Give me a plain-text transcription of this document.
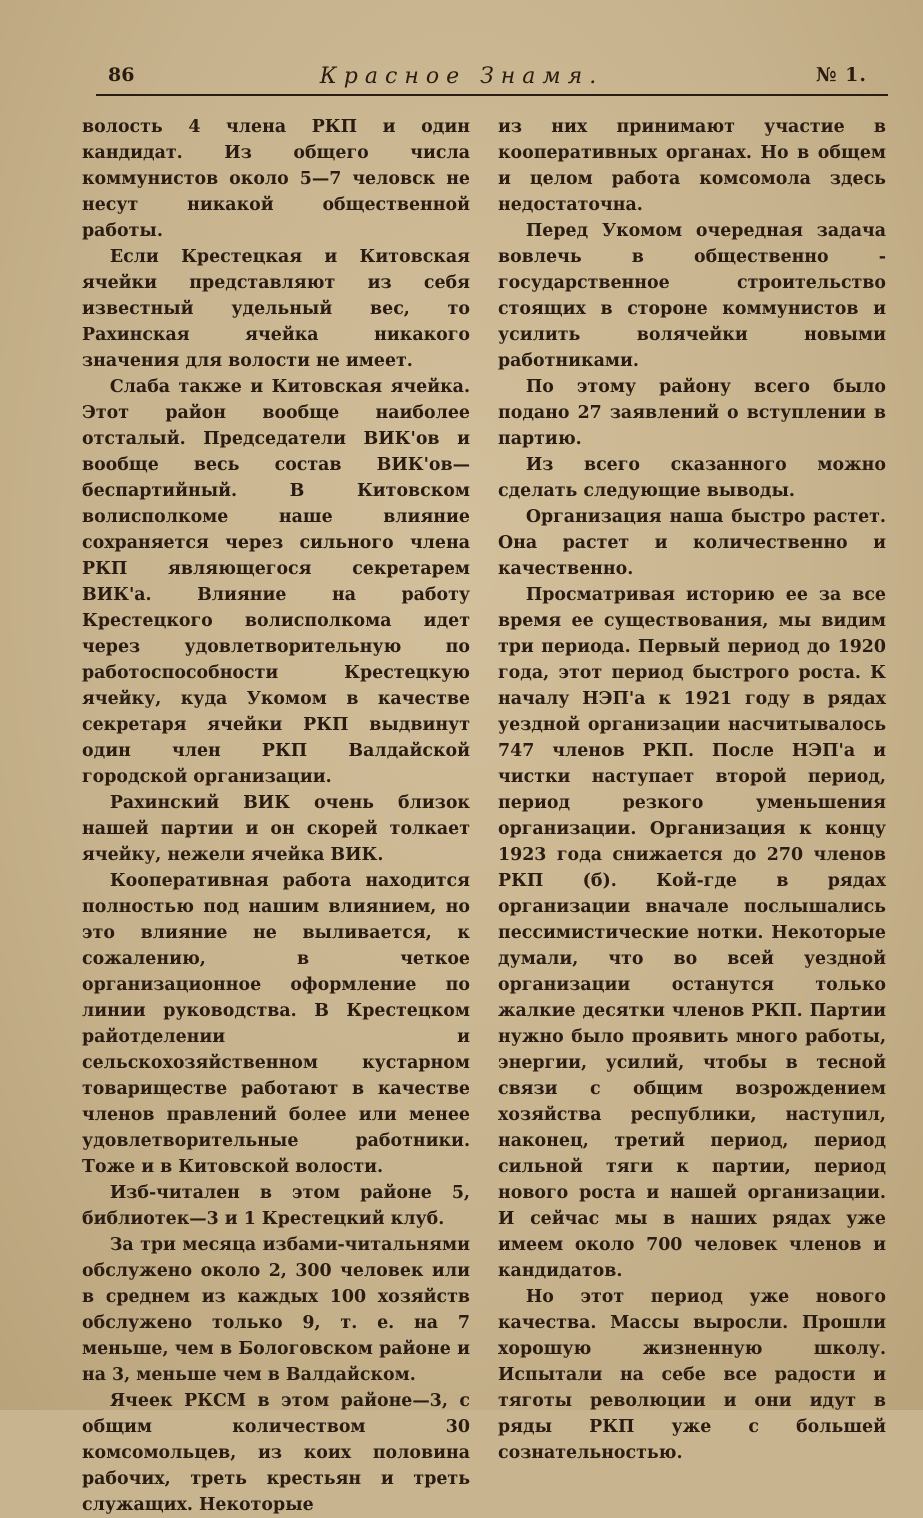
86	Красное Знамя.	№ 1.

волость 4 члена РКП и один кандидат. Из общего числа коммунистов около 5—7 человск не несут никакой общественной работы.

Если Крестецкая и Китовская ячейки представляют из себя известный удельный вес, то Рахинская ячейка никакого значения для волости не имеет.

Слаба также и Китовская ячейка. Этот район вообще наиболее отсталый. Председатели ВИК'ов и вообще весь состав ВИК'ов—беспартийный. В Китовском волисполкоме наше влияние сохраняется через сильного члена РКП являющегося секретарем ВИК'а. Влияние на работу Крестецкого волисполкома идет через удовлетворительную по работоспособности Крестецкую ячейку, куда Укомом в качестве секретаря ячейки РКП выдвинут один член РКП Валдайской городской организации.

Рахинский ВИК очень близок нашей партии и он скорей толкает ячейку, нежели ячейка ВИК.

Кооперативная работа находится полностью под нашим влиянием, но это влияние не выливается, к сожалению, в четкое организационное оформление по линии руководства. В Крестецком райотделении и сельскохозяйственном кустарном товариществе работают в качестве членов правлений более или менее удовлетворительные работники. Тоже и в Китовской волости.

Изб-читален в этом районе 5, библиотек—3 и 1 Крестецкий клуб.

За три месяца избами-читальнями обслужено около 2, 300 человек или в среднем из каждых 100 хозяйств обслужено только 9, т. е. на 7 меньше, чем в Бологовском районе и на 3, меньше чем в Валдайском.

Ячеек РКСМ в этом районе—3, с общим количеством 30 комсомольцев, из коих половина рабочих, треть крестьян и треть служащих. Некоторые

из них принимают участие в кооперативных органах. Но в общем и целом работа комсомола здесь недостаточна.

Перед Укомом очередная задача вовлечь в общественно - государственное строительство стоящих в стороне коммунистов и усилить волячейки новыми работниками.

По этому району всего было подано 27 заявлений о вступлении в партию.

Из всего сказанного можно сделать следующие выводы.

Организация наша быстро растет. Она растет и количественно и качественно.

Просматривая историю ее за все время ее существования, мы видим три периода. Первый период до 1920 года, этот период быстрого роста. К началу НЭП'а к 1921 году в рядах уездной организации насчитывалось 747 членов РКП. После НЭП'а и чистки наступает второй период, период резкого уменьшения организации. Организация к концу 1923 года снижается до 270 членов РКП (б). Кой-где в рядах организации вначале послышались пессимистические нотки. Некоторые думали, что во всей уездной организации останутся только жалкие десятки членов РКП. Партии нужно было проявить много работы, энергии, усилий, чтобы в тесной связи с общим возрождением хозяйства республики, наступил, наконец, третий период, период сильной тяги к партии, период нового роста и нашей организации. И сейчас мы в наших рядах уже имеем около 700 человек членов и кандидатов.

Но этот период уже нового качества. Массы выросли. Прошли хорошую жизненную школу. Испытали на себе все радости и тяготы революции и они идут в ряды РКП уже с большей сознательностью.
